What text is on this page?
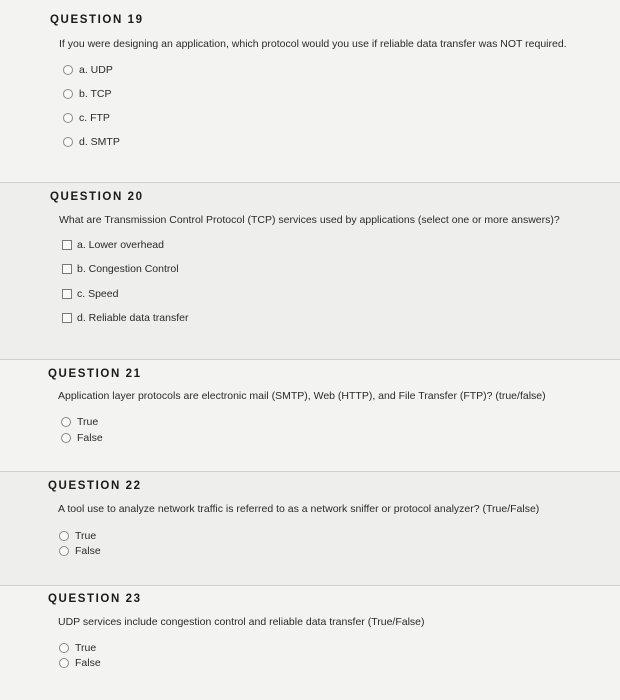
QUESTION 19
If you were designing an application, which protocol would you use if reliable data transfer was NOT required.
a. UDP
b. TCP
c. FTP
d. SMTP
QUESTION 20
What are Transmission Control Protocol (TCP) services used by applications (select one or more answers)?
a. Lower overhead
b. Congestion Control
c. Speed
d. Reliable data transfer
QUESTION 21
Application layer protocols are electronic mail (SMTP), Web (HTTP), and File Transfer (FTP)? (true/false)
True
False
QUESTION 22
A tool use to analyze network traffic is referred to as a network sniffer or protocol analyzer? (True/False)
True
False
QUESTION 23
UDP services include congestion control and reliable data transfer (True/False)
True
False
